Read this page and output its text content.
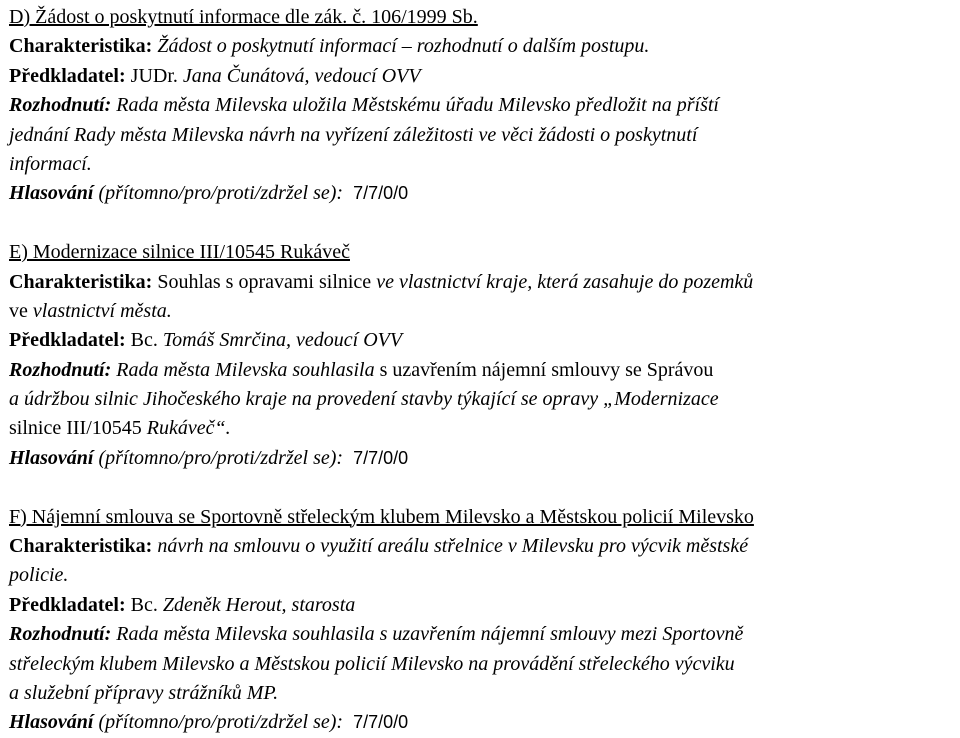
D) Žádost o poskytnutí informace dle zák. č. 106/1999 Sb.
Charakteristika: Žádost o poskytnutí informací – rozhodnutí o dalším postupu.
Předkladatel: JUDr. Jana Čunátová, vedoucí OVV
Rozhodnutí: Rada města Milevska uložila Městskému úřadu Milevsko předložit na příští
jednání Rady města Milevska návrh na vyřízení záležitosti ve věci žádosti o poskytnutí
informací.
Hlasování (přítomno/pro/proti/zdržel se): 7/7/0/0
E) Modernizace silnice III/10545 Rukáveč
Charakteristika: Souhlas s opravami silnice ve vlastnictví kraje, která zasahuje do pozemků
ve vlastnictví města.
Předkladatel: Bc. Tomáš Smrčina, vedoucí OVV
Rozhodnutí: Rada města Milevska souhlasila s uzavřením nájemní smlouvy se Správou
a údržbou silnic Jihočeského kraje na provedení stavby týkající se opravy „Modernizace
silnice III/10545 Rukáveč“.
Hlasování (přítomno/pro/proti/zdržel se): 7/7/0/0
F) Nájemní smlouva se Sportovně střeleckým klubem Milevsko a Městskou policií Milevsko
Charakteristika: návrh na smlouvu o využití areálu střelnice v Milevsku pro výcvik městské
policie.
Předkladatel: Bc. Zdeněk Herout, starosta
Rozhodnutí: Rada města Milevska souhlasila s uzavřením nájemní smlouvy mezi Sportovně
střeleckým klubem Milevsko a Městskou policií Milevsko na provádění střeleckého výcviku
a služební přípravy strážníků MP.
Hlasování (přítomno/pro/proti/zdržel se): 7/7/0/0
